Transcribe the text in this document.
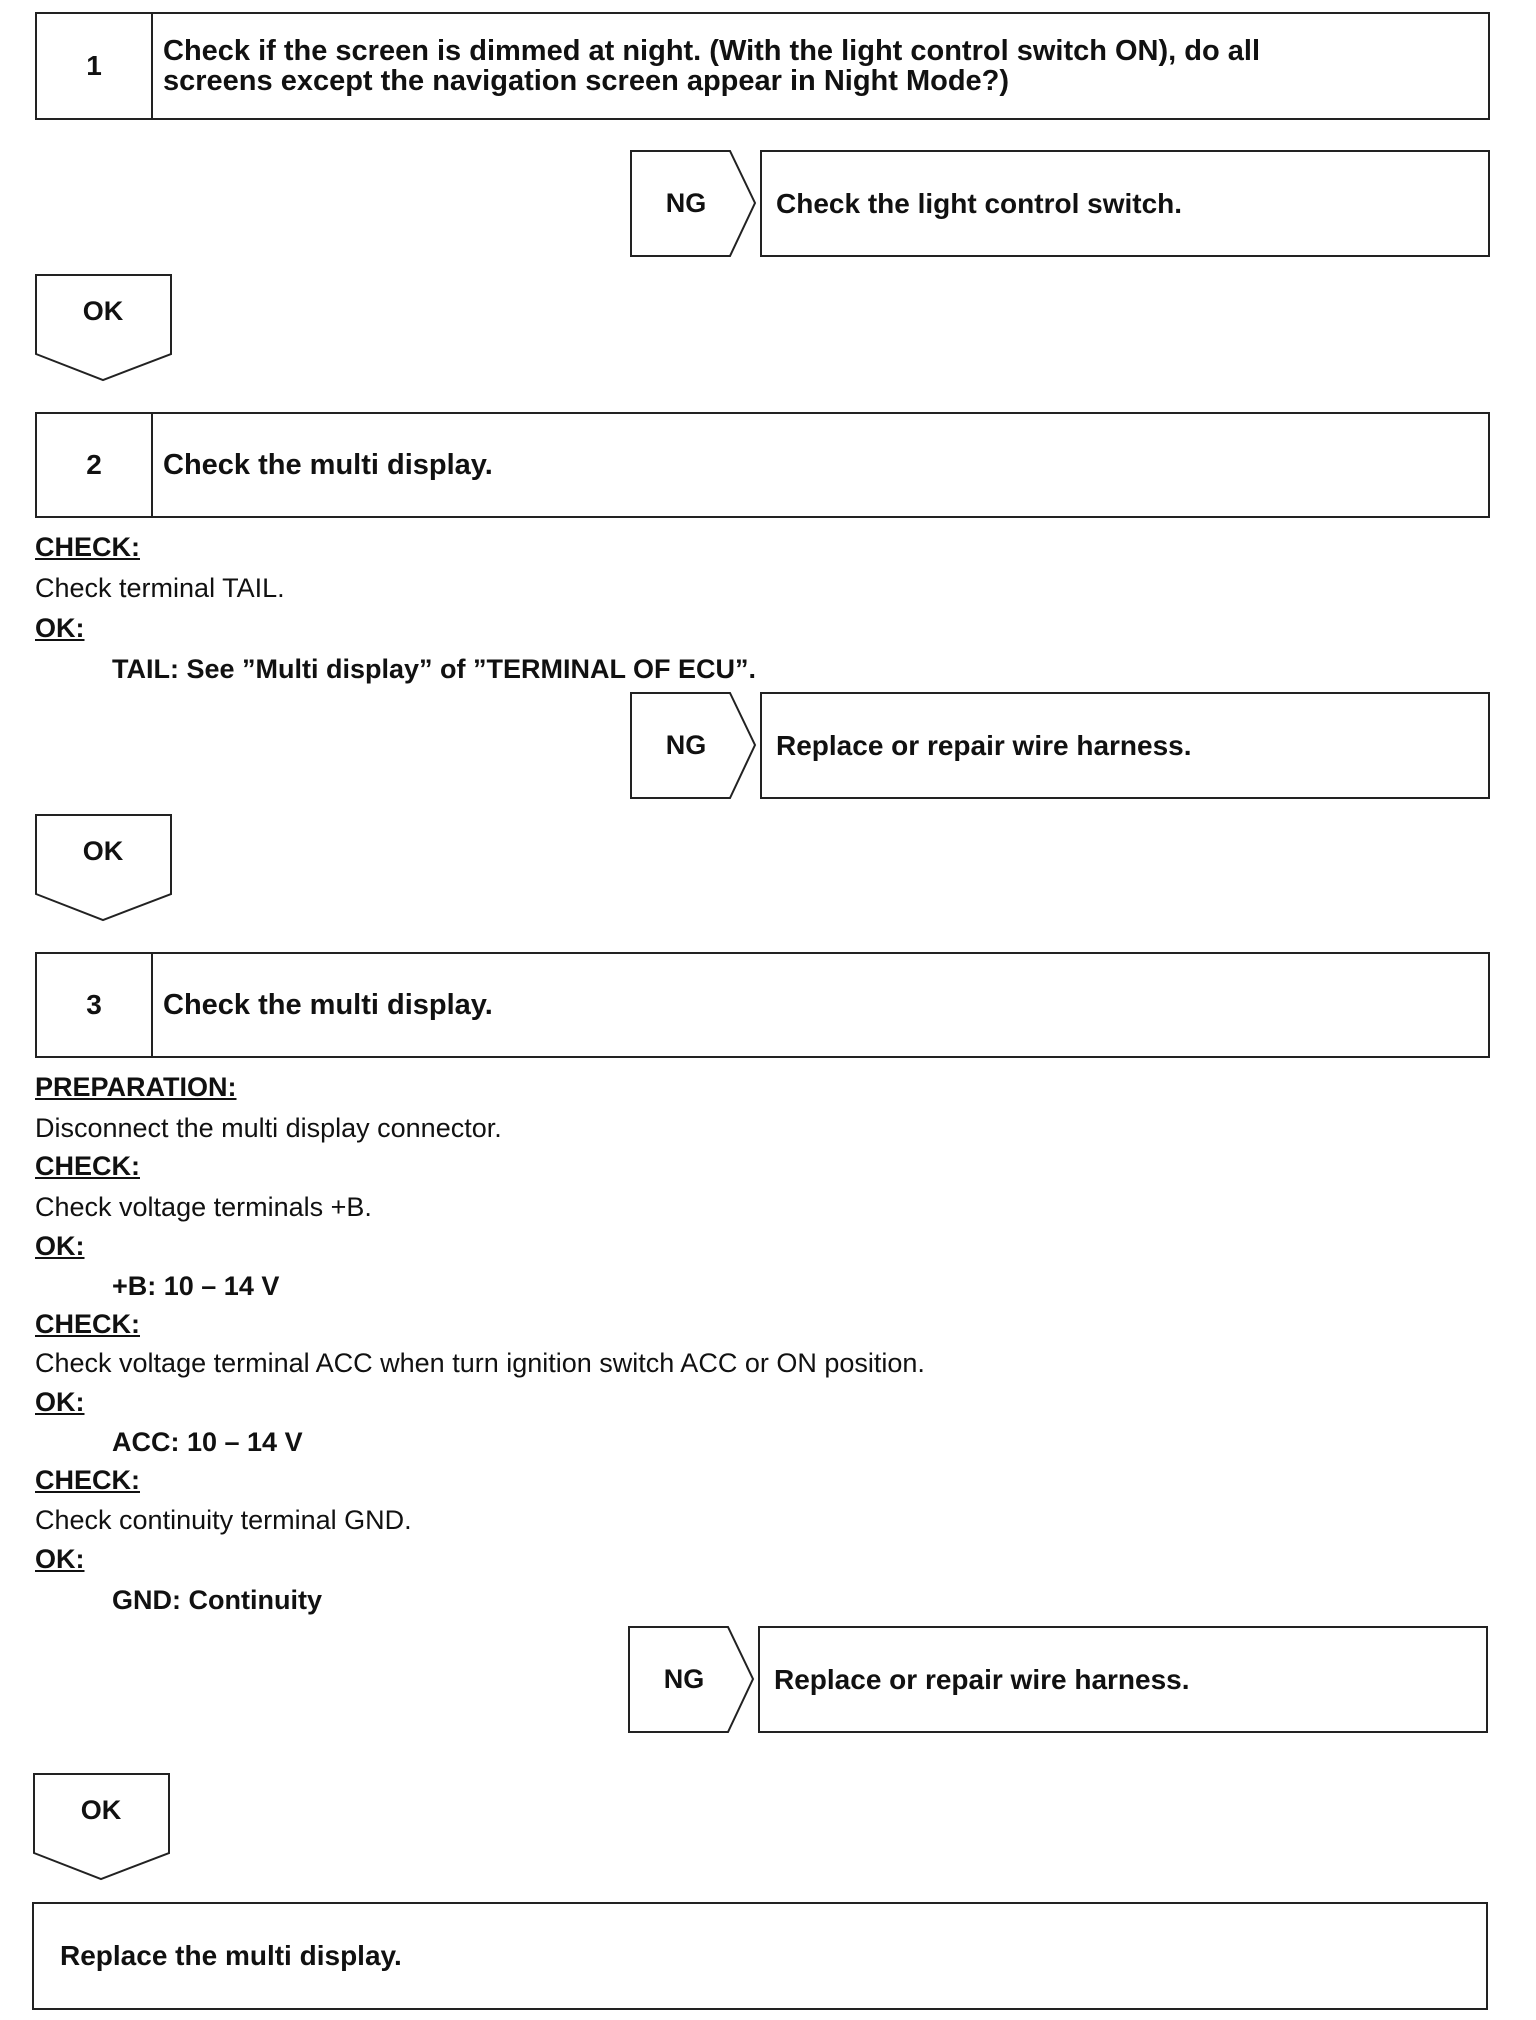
1	Check if the screen is dimmed at night. (With the light control switch ON), do all
screens except the navigation screen appear in Night Mode?)
NG	Check the light control switch.
OK
2	Check the multi display.
CHECK:
Check terminal TAIL.
OK:
TAIL: See ”Multi display” of ”TERMINAL OF ECU”.
NG	Replace or repair wire harness.
OK
3	Check the multi display.
PREPARATION:
Disconnect the multi display connector.
CHECK:
Check voltage terminals +B.
OK:
+B: 10 – 14 V
CHECK:
Check voltage terminal ACC when turn ignition switch ACC or ON position.
OK:
ACC: 10 – 14 V
CHECK:
Check continuity terminal GND.
OK:
GND: Continuity
NG	Replace or repair wire harness.
OK
Replace the multi display.
